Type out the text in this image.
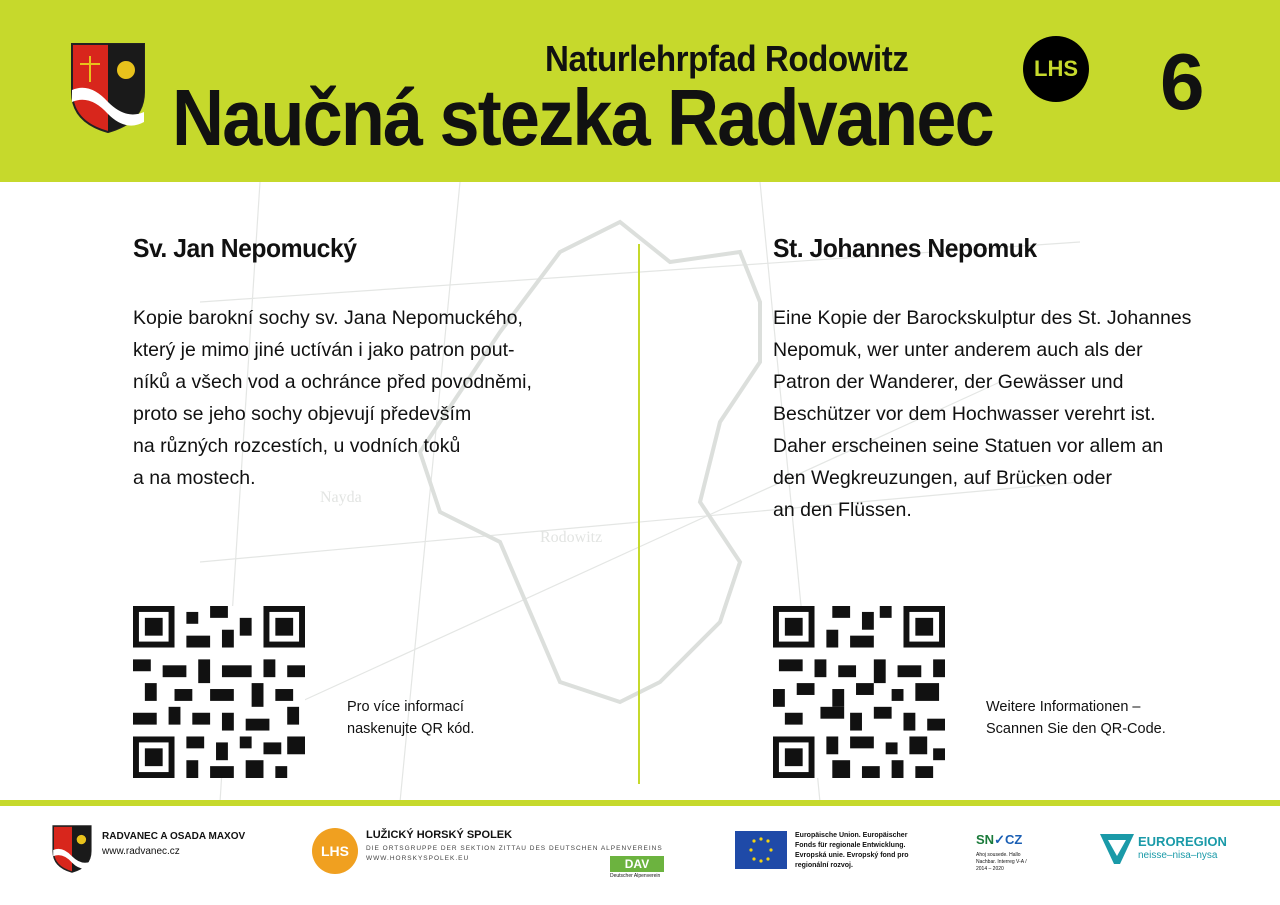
Naturlehrpfad Rodowitz	LHS
Naučná stezka Radvanec 6
Rodowitz
Nayda
Sv. Jan Nepomucký
Kopie barokní sochy sv. Jana Nepomuckého,
který je mimo jiné uctíván i jako patron pout-
níků a všech vod a ochránce před povodněmi,
proto se jeho sochy objevují především
na různých rozcestích, u vodních toků
a na mostech.
Pro více informací
naskenujte QR kód.
St. Johannes Nepomuk
Eine Kopie der Barockskulptur des St. Johannes
Nepomuk, wer unter anderem auch als der
Patron der Wanderer, der Gewässer und
Beschützer vor dem Hochwasser verehrt ist.
Daher erscheinen seine Statuen vor allem an
den Wegkreuzungen, auf Brücken oder
an den Flüssen.
Weitere Informationen –
Scannen Sie den QR-Code.
RADVANEC A OSADA MAXOV
www.radvanec.cz	LHS
LUŽICKÝ HORSKÝ SPOLEK
DIE ORTSGRUPPE DER SEKTION ZITTAU DES DEUTSCHEN ALPENVEREINS
WWW.HORSKYSPOLEK.EU	DAV
Deutscher Alpenverein
Europäische Union. Europäischer Fonds für regionale Entwicklung. Evropská unie. Evropský fond pro regionální rozvoj.
SN✓CZ
Ahoj sousede. Hallo Nachbar. Interreg V-A / 2014 – 2020
EUROREGION
neisse–nisa–nysa
